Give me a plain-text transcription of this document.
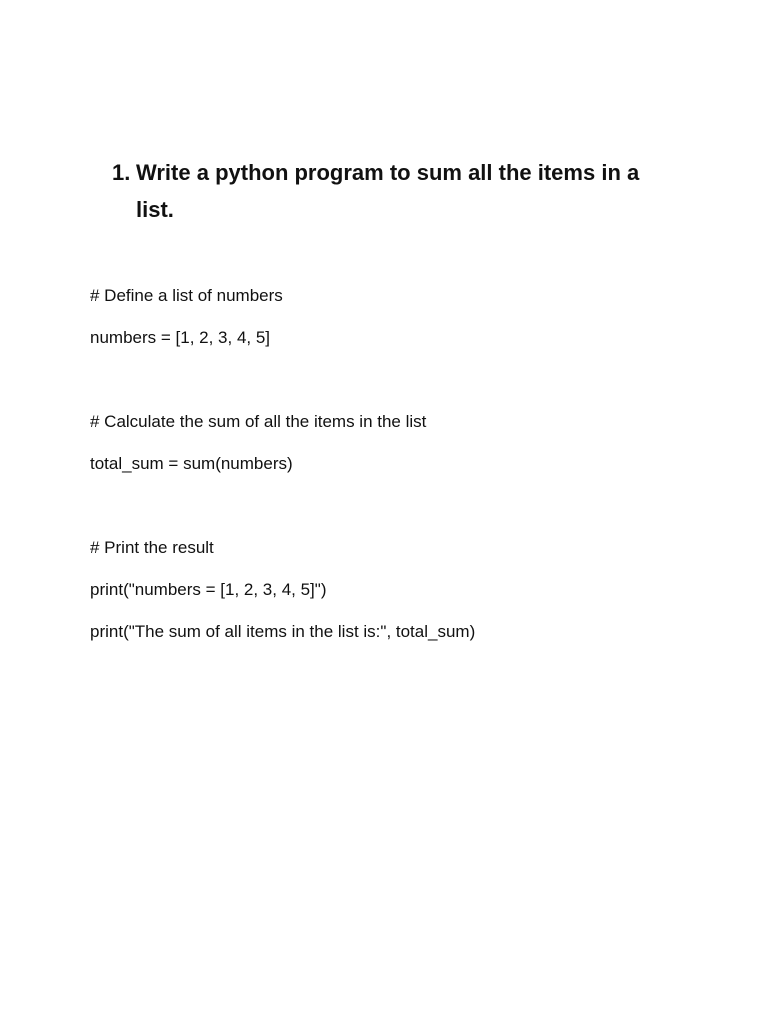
1. Write a python program to sum all the items in a list.
# Define a list of numbers
numbers = [1, 2, 3, 4, 5]
# Calculate the sum of all the items in the list
total_sum = sum(numbers)
# Print the result
print("numbers = [1, 2, 3, 4, 5]")
print("The sum of all items in the list is:", total_sum)
